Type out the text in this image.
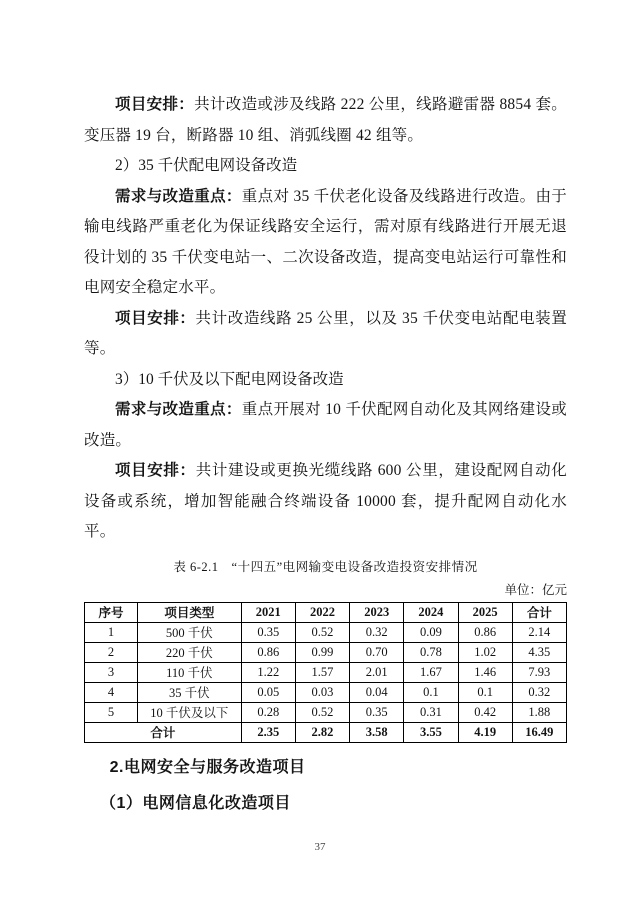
项目安排：共计改造或涉及线路 222 公里，线路避雷器 8854 套。变压器 19 台，断路器 10 组、消弧线圈 42 组等。

2）35 千伏配电网设备改造

需求与改造重点：重点对 35 千伏老化设备及线路进行改造。由于输电线路严重老化为保证线路安全运行，需对原有线路进行开展无退役计划的 35 千伏变电站一、二次设备改造，提高变电站运行可靠性和电网安全稳定水平。

项目安排：共计改造线路 25 公里，以及 35 千伏变电站配电装置等。

3）10 千伏及以下配电网设备改造

需求与改造重点：重点开展对 10 千伏配网自动化及其网络建设或改造。

项目安排：共计建设或更换光缆线路 600 公里，建设配网自动化设备或系统，增加智能融合终端设备 10000 套，提升配网自动化水平。

表 6-2.1　“十四五”电网输变电设备改造投资安排情况
单位：亿元
序号	项目类型	2021	2022	2023	2024	2025	合计
1	500 千伏	0.35	0.52	0.32	0.09	0.86	2.14
2	220 千伏	0.86	0.99	0.70	0.78	1.02	4.35
3	110 千伏	1.22	1.57	2.01	1.67	1.46	7.93
4	35 千伏	0.05	0.03	0.04	0.1	0.1	0.32
5	10 千伏及以下	0.28	0.52	0.35	0.31	0.42	1.88
合计		2.35	2.82	3.58	3.55	4.19	16.49
2.电网安全与服务改造项目
（1）电网信息化改造项目
37
